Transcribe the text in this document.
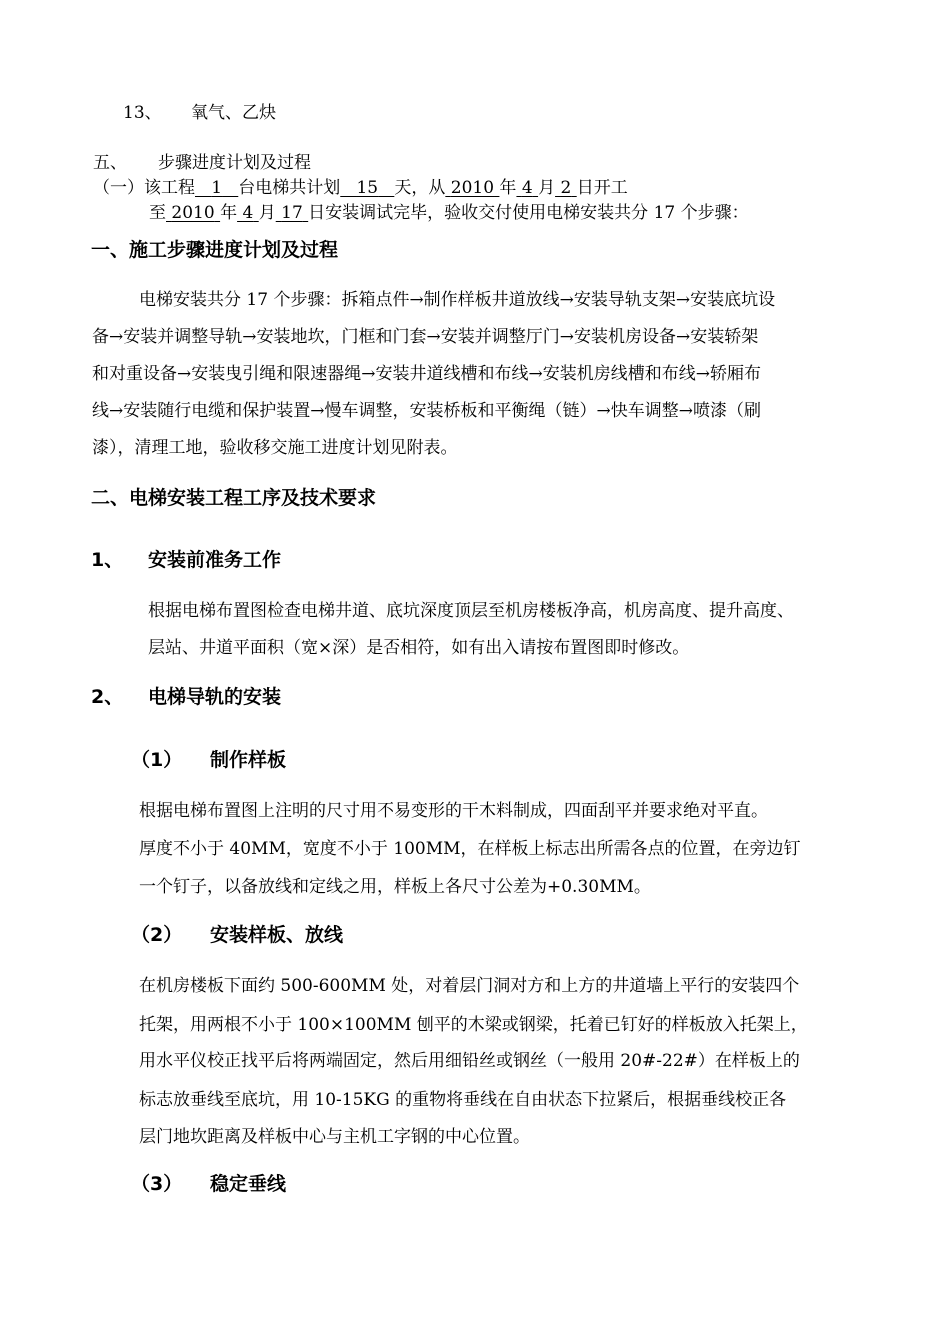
13、 氧气、乙炔
五、 步骤进度计划及过程
（一）该工程 1 台电梯共计划 15 天，从 2010 年 4 月 2 日开工
至 2010 年 4 月 17 日安装调试完毕，验收交付使用电梯安装共分 17 个步骤：
一、施工步骤进度计划及过程
电梯安装共分 17 个步骤：拆箱点件→制作样板井道放线→安装导轨支架→安装底坑设
备→安装并调整导轨→安装地坎，门框和门套→安装并调整厅门→安装机房设备→安装轿架
和对重设备→安装曳引绳和限速器绳→安装井道线槽和布线→安装机房线槽和布线→轿厢布
线→安装随行电缆和保护装置→慢车调整，安装桥板和平衡绳（链）→快车调整→喷漆（刷
漆），清理工地，验收移交施工进度计划见附表。
二、电梯安装工程工序及技术要求
1、 安装前准务工作
根据电梯布置图检查电梯井道、底坑深度顶层至机房楼板净高，机房高度、提升高度、
层站、井道平面积（宽×深）是否相符，如有出入请按布置图即时修改。
2、 电梯导轨的安装
（1） 制作样板
根据电梯布置图上注明的尺寸用不易变形的干木料制成，四面刮平并要求绝对平直。
厚度不小于 40MM，宽度不小于 100MM，在样板上标志出所需各点的位置，在旁边钉
一个钉子，以备放线和定线之用，样板上各尺寸公差为+0.30MM。
（2） 安装样板、放线
在机房楼板下面约 500-600MM 处，对着层门洞对方和上方的井道墙上平行的安装四个
托架，用两根不小于 100×100MM 刨平的木梁或钢梁，托着已钉好的样板放入托架上，
用水平仪校正找平后将两端固定，然后用细铅丝或钢丝（一般用 20#-22#）在样板上的
标志放垂线至底坑，用 10-15KG 的重物将垂线在自由状态下拉紧后，根据垂线校正各
层门地坎距离及样板中心与主机工字钢的中心位置。
（3） 稳定垂线
